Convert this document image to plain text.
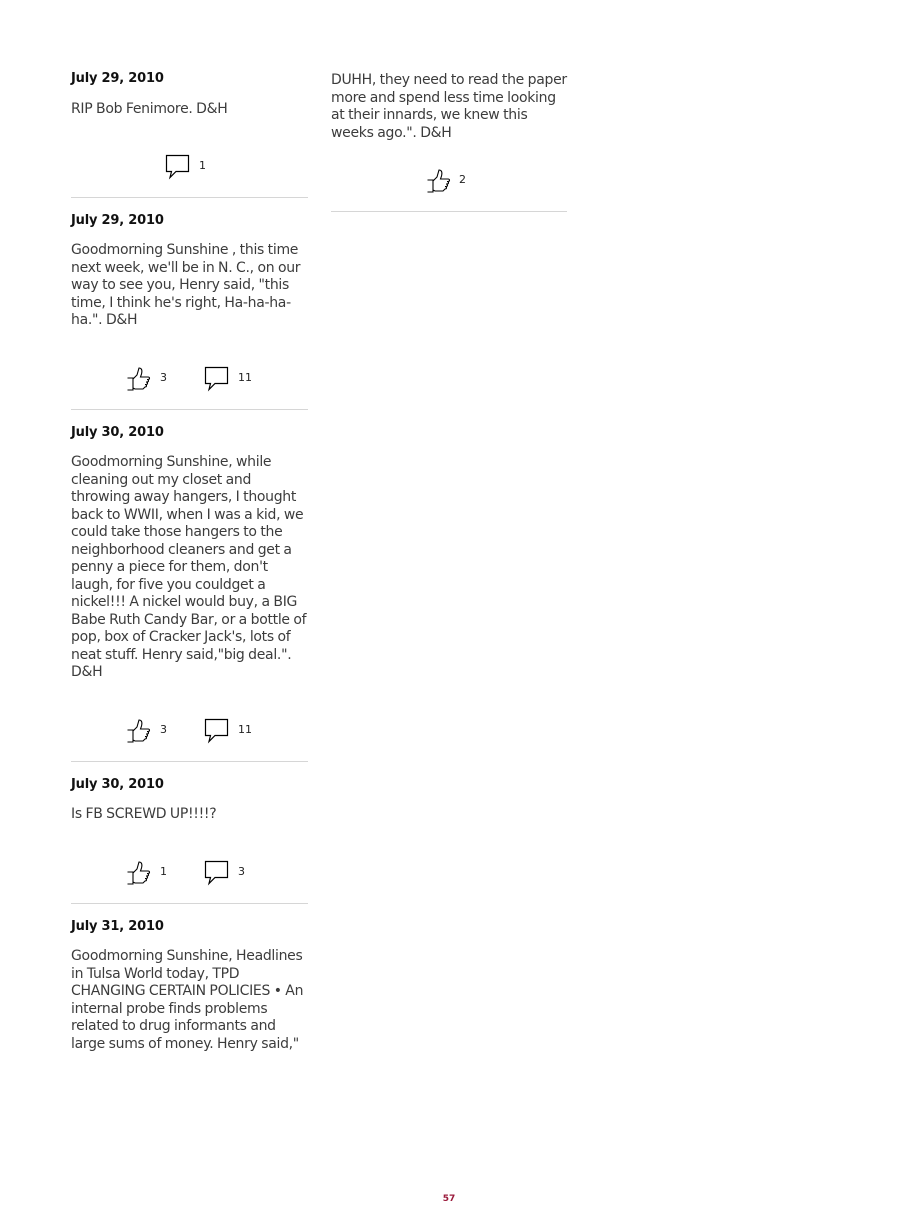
July 29, 2010

RIP Bob Fenimore. D&H

1

July 29, 2010

Goodmorning Sunshine , this time next week, we'll be in N. C., on our way to see you, Henry said, "this time, I think he's right, Ha-ha-ha-ha.". D&H

3	11

July 30, 2010

Goodmorning Sunshine, while cleaning out my closet and throwing away hangers, I thought back to WWII, when I was a kid, we could take those hangers to the neighborhood cleaners and get a penny a piece for them, don't laugh, for five you couldget a nickel!!! A nickel would buy, a BIG Babe Ruth Candy Bar, or a bottle of pop, box of Cracker Jack's, lots of neat stuff. Henry said,"big deal.". D&H

3	11

July 30, 2010

Is FB SCREWD UP!!!!?

1	3

July 31, 2010

Goodmorning Sunshine, Headlines in Tulsa World today, TPD CHANGING CERTAIN POLICIES • An internal probe finds problems related to drug informants and large sums of money. Henry said,"

DUHH, they need to read the paper more and spend less time looking at their innards, we knew this weeks ago.". D&H

2
57
